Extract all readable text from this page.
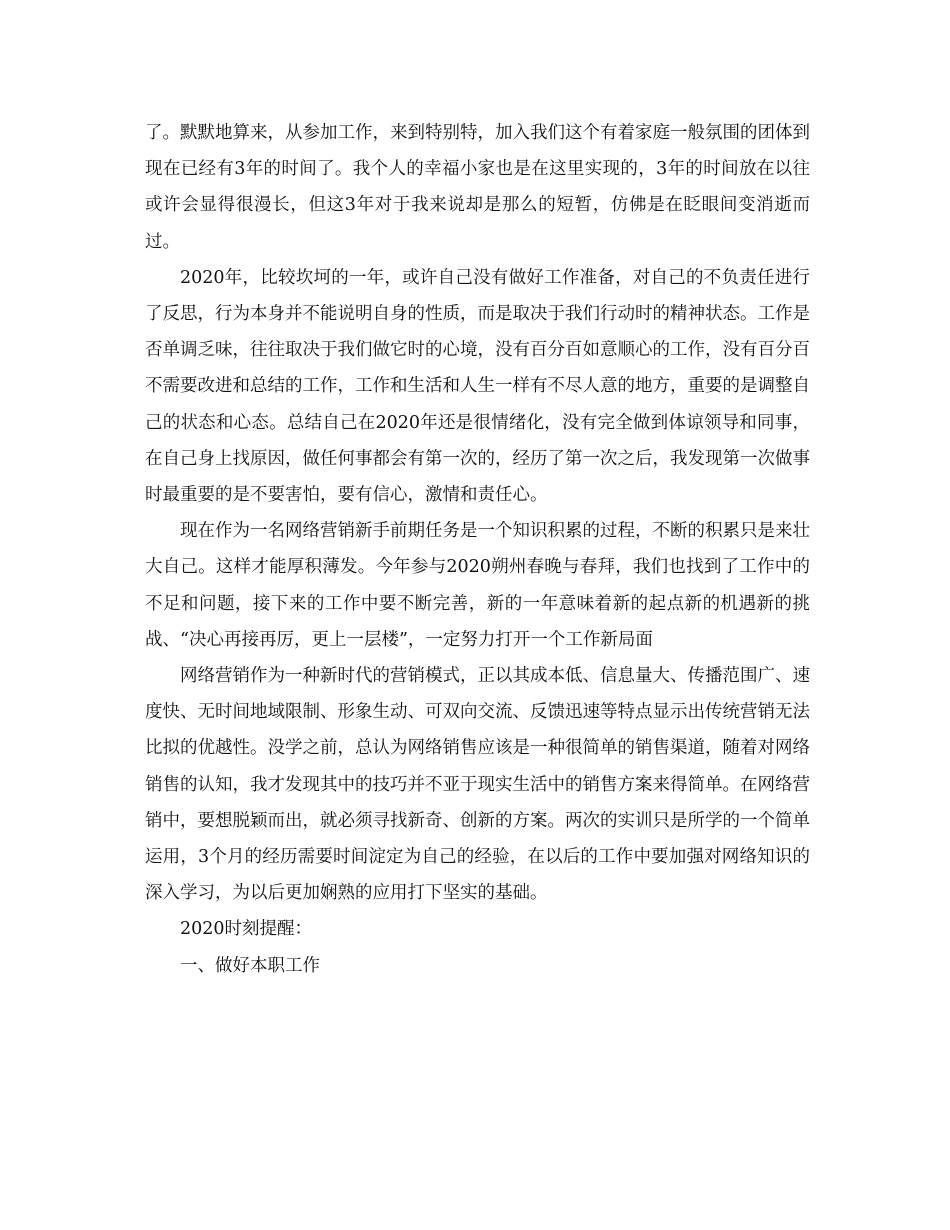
了。默默地算来，从参加工作，来到特别特，加入我们这个有着家庭一般氛围的团体到现在已经有3年的时间了。我个人的幸福小家也是在这里实现的，3年的时间放在以往或许会显得很漫长，但这3年对于我来说却是那么的短暂，仿佛是在眨眼间变消逝而过。

2020年，比较坎坷的一年，或许自己没有做好工作准备，对自己的不负责任进行了反思，行为本身并不能说明自身的性质，而是取决于我们行动时的精神状态。工作是否单调乏味，往往取决于我们做它时的心境，没有百分百如意顺心的工作，没有百分百不需要改进和总结的工作，工作和生活和人生一样有不尽人意的地方，重要的是调整自己的状态和心态。总结自己在2020年还是很情绪化，没有完全做到体谅领导和同事，在自己身上找原因，做任何事都会有第一次的，经历了第一次之后，我发现第一次做事时最重要的是不要害怕，要有信心，激情和责任心。

现在作为一名网络营销新手前期任务是一个知识积累的过程，不断的积累只是来壮大自己。这样才能厚积薄发。今年参与2020朔州春晚与春拜，我们也找到了工作中的不足和问题，接下来的工作中要不断完善，新的一年意味着新的起点新的机遇新的挑战、“决心再接再厉，更上一层楼”，一定努力打开一个工作新局面

网络营销作为一种新时代的营销模式，正以其成本低、信息量大、传播范围广、速度快、无时间地域限制、形象生动、可双向交流、反馈迅速等特点显示出传统营销无法比拟的优越性。没学之前，总认为网络销售应该是一种很简单的销售渠道，随着对网络销售的认知，我才发现其中的技巧并不亚于现实生活中的销售方案来得简单。在网络营销中，要想脱颖而出，就必须寻找新奇、创新的方案。两次的实训只是所学的一个简单运用，3个月的经历需要时间淀定为自己的经验，在以后的工作中要加强对网络知识的深入学习，为以后更加娴熟的应用打下坚实的基础。

2020时刻提醒：

一、做好本职工作
